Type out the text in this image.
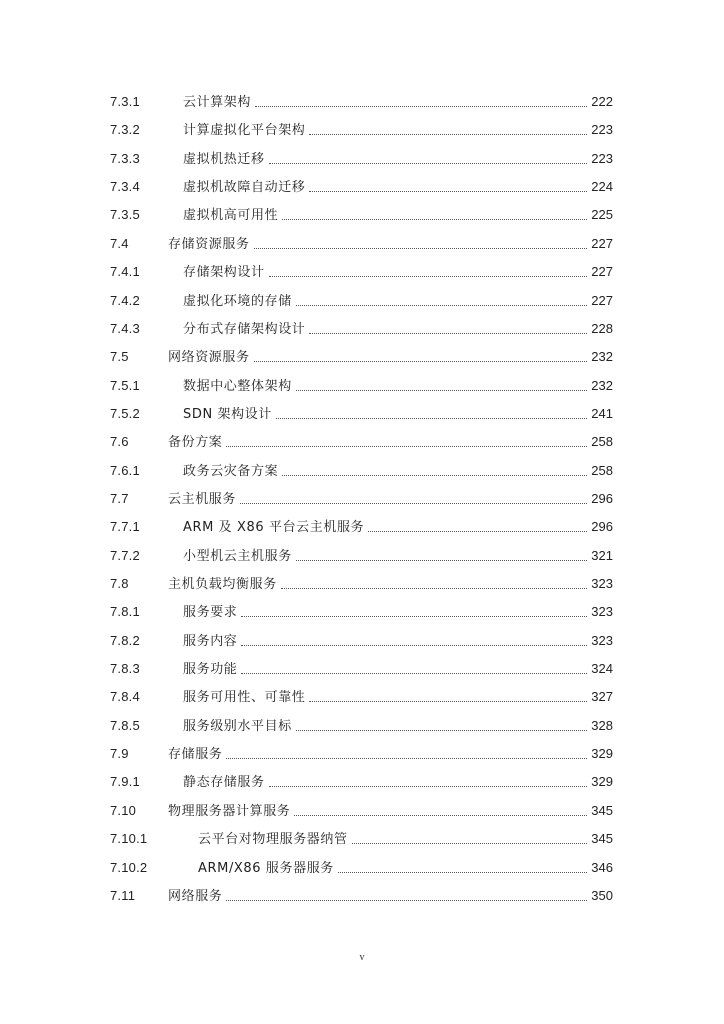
7.3.1	云计算架构	222
7.3.2	计算虚拟化平台架构	223
7.3.3	虚拟机热迁移	223
7.3.4	虚拟机故障自动迁移	224
7.3.5	虚拟机高可用性	225
7.4	存储资源服务	227
7.4.1	存储架构设计	227
7.4.2	虚拟化环境的存储	227
7.4.3	分布式存储架构设计	228
7.5	网络资源服务	232
7.5.1	数据中心整体架构	232
7.5.2	SDN 架构设计	241
7.6	备份方案	258
7.6.1	政务云灾备方案	258
7.7	云主机服务	296
7.7.1	ARM 及 X86 平台云主机服务	296
7.7.2	小型机云主机服务	321
7.8	主机负载均衡服务	323
7.8.1	服务要求	323
7.8.2	服务内容	323
7.8.3	服务功能	324
7.8.4	服务可用性、可靠性	327
7.8.5	服务级别水平目标	328
7.9	存储服务	329
7.9.1	静态存储服务	329
7.10 物理服务器计算服务	345
7.10.1	云平台对物理服务器纳管	345
7.10.2	ARM/X86 服务器服务	346
7.11	网络服务	350
v
